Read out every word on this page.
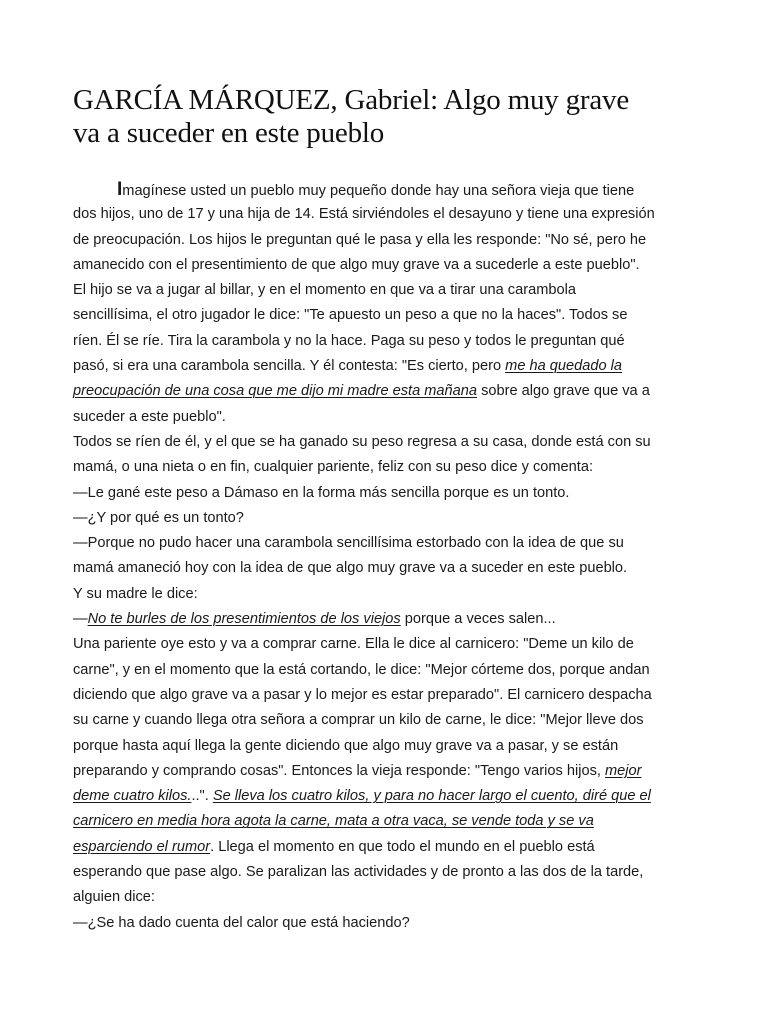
GARCÍA MÁRQUEZ, Gabriel: Algo muy grave
va a suceder en este pueblo
Imagínese usted un pueblo muy pequeño donde hay una señora vieja que tiene
dos hijos, uno de 17 y una hija de 14. Está sirviéndoles el desayuno y tiene una expresión
de preocupación. Los hijos le preguntan qué le pasa y ella les responde: "No sé, pero he
amanecido con el presentimiento de que algo muy grave va a sucederle a este pueblo".
El hijo se va a jugar al billar, y en el momento en que va a tirar una carambola
sencillísima, el otro jugador le dice: "Te apuesto un peso a que no la haces". Todos se
ríen. Él se ríe. Tira la carambola y no la hace. Paga su peso y todos le preguntan qué
pasó, si era una carambola sencilla. Y él contesta: "Es cierto, pero me ha quedado la
preocupación de una cosa que me dijo mi madre esta mañana sobre algo grave que va a
suceder a este pueblo".
Todos se ríen de él, y el que se ha ganado su peso regresa a su casa, donde está con su
mamá, o una nieta o en fin, cualquier pariente, feliz con su peso dice y comenta:
—Le gané este peso a Dámaso en la forma más sencilla porque es un tonto.
—¿Y por qué es un tonto?
—Porque no pudo hacer una carambola sencillísima estorbado con la idea de que su
mamá amaneció hoy con la idea de que algo muy grave va a suceder en este pueblo.
Y su madre le dice:
—No te burles de los presentimientos de los viejos porque a veces salen...
Una pariente oye esto y va a comprar carne. Ella le dice al carnicero: "Deme un kilo de
carne", y en el momento que la está cortando, le dice: "Mejor córteme dos, porque andan
diciendo que algo grave va a pasar y lo mejor es estar preparado". El carnicero despacha
su carne y cuando llega otra señora a comprar un kilo de carne, le dice: "Mejor lleve dos
porque hasta aquí llega la gente diciendo que algo muy grave va a pasar, y se están
preparando y comprando cosas". Entonces la vieja responde: "Tengo varios hijos, mejor
deme cuatro kilos...". Se lleva los cuatro kilos, y para no hacer largo el cuento, diré que el
carnicero en media hora agota la carne, mata a otra vaca, se vende toda y se va
esparciendo el rumor. Llega el momento en que todo el mundo en el pueblo está
esperando que pase algo. Se paralizan las actividades y de pronto a las dos de la tarde,
alguien dice:
—¿Se ha dado cuenta del calor que está haciendo?
